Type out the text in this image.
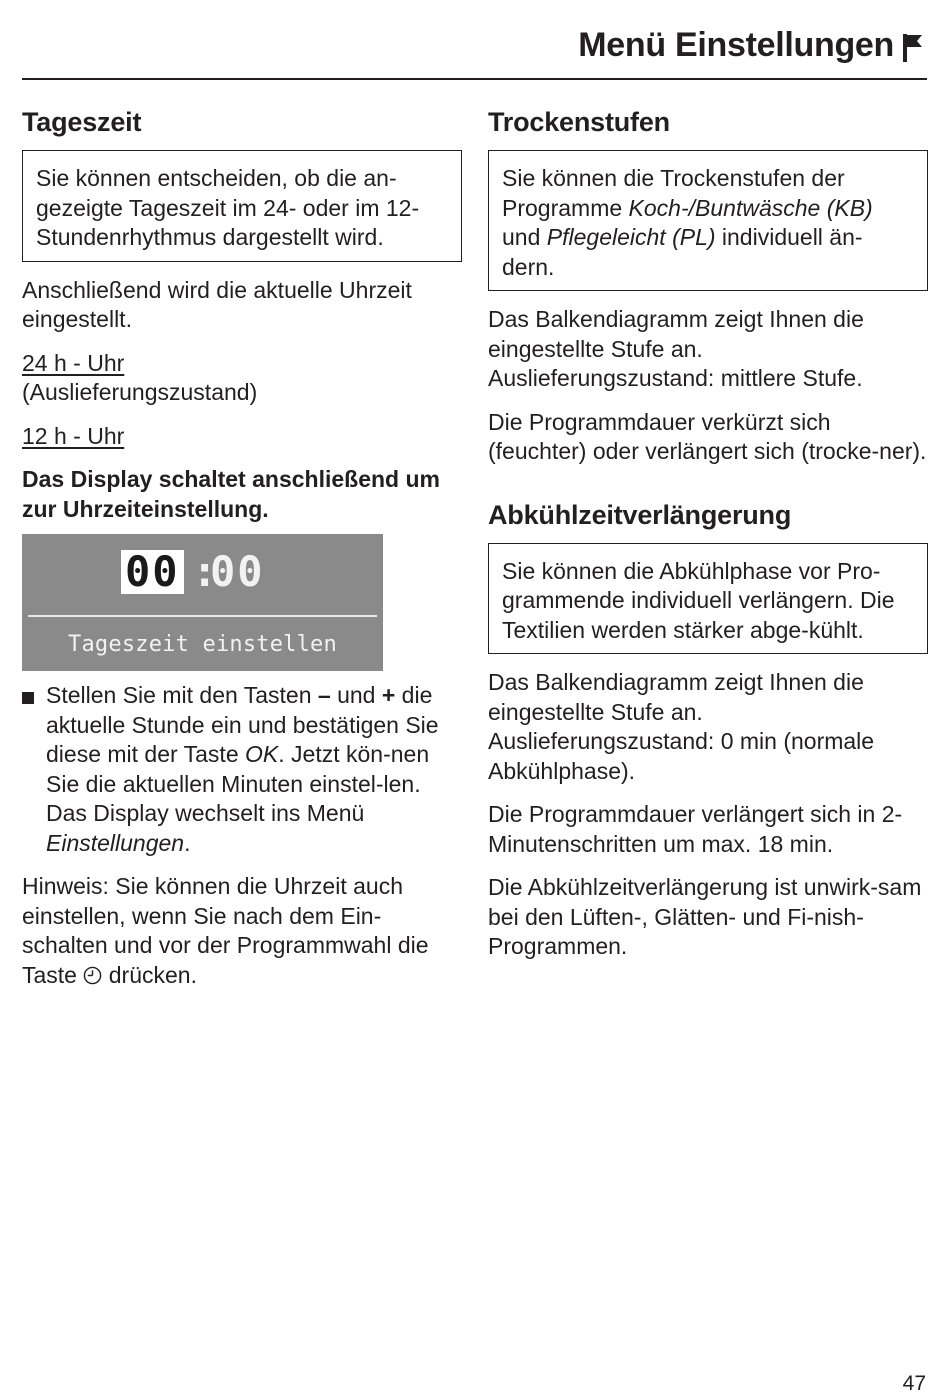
Menü Einstellungen
Tageszeit
Sie können entscheiden, ob die an-gezeigte Tageszeit im 24- oder im 12-Stundenrhythmus dargestellt wird.
Anschließend wird die aktuelle Uhrzeit eingestellt.
24 h - Uhr
(Auslieferungszustand)
12 h - Uhr
Das Display schaltet anschließend um zur Uhrzeiteinstellung.
00 :
00
Tageszeit einstellen
Stellen Sie mit den Tasten – und + die aktuelle Stunde ein und bestätigen Sie diese mit der Taste OK. Jetzt kön-nen Sie die aktuellen Minuten einstel-len. Das Display wechselt ins Menü Einstellungen.
Hinweis: Sie können die Uhrzeit auch einstellen, wenn Sie nach dem Ein-schalten und vor der Programmwahl die Taste  drücken.
Trockenstufen
Sie können die Trockenstufen der Programme Koch-/Buntwäsche (KB) und Pflegeleicht (PL) individuell än-dern.
Das Balkendiagramm zeigt Ihnen die eingestellte Stufe an. Auslieferungszustand: mittlere Stufe.
Die Programmdauer verkürzt sich (feuchter) oder verlängert sich (trocke-ner).
Abkühlzeitverlängerung
Sie können die Abkühlphase vor Pro-grammende individuell verlängern. Die Textilien werden stärker abge-kühlt.
Das Balkendiagramm zeigt Ihnen die eingestellte Stufe an. Auslieferungszustand: 0 min (normale Abkühlphase).
Die Programmdauer verlängert sich in 2-Minutenschritten um max. 18 min.
Die Abkühlzeitverlängerung ist unwirk-sam bei den Lüften-, Glätten- und Fi-nish-Programmen.
47
